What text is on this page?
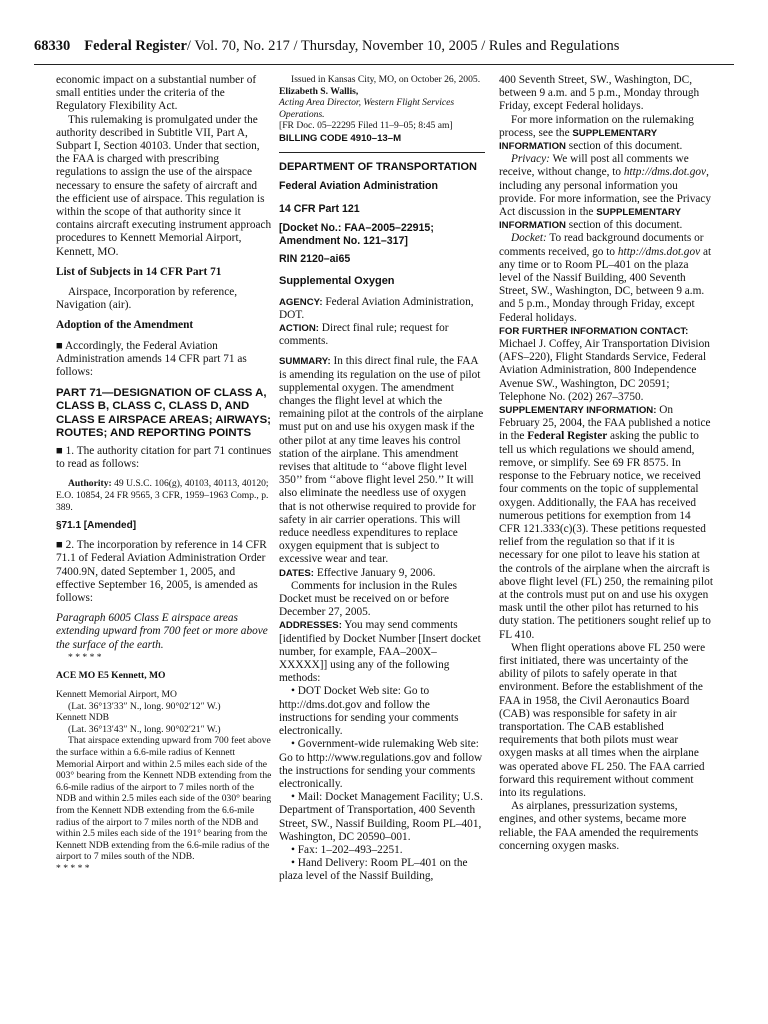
68330 Federal Register/ Vol. 70, No. 217 / Thursday, November 10, 2005 / Rules and Regulations

economic impact on a substantial number of small entities under the criteria of the Regulatory Flexibility Act.

This rulemaking is promulgated under the authority described in Subtitle VII, Part A, Subpart I, Section 40103. Under that section, the FAA is charged with prescribing regulations to assign the use of the airspace necessary to ensure the safety of aircraft and the efficient use of airspace. This regulation is within the scope of that authority since it contains aircraft executing instrument approach procedures to Kennett Memorial Airport, Kennett, MO.

List of Subjects in 14 CFR Part 71

Airspace, Incorporation by reference, Navigation (air).

Adoption of the Amendment

■ Accordingly, the Federal Aviation Administration amends 14 CFR part 71 as follows:

PART 71—DESIGNATION OF CLASS A, CLASS B, CLASS C, CLASS D, AND CLASS E AIRSPACE AREAS; AIRWAYS; ROUTES; AND REPORTING POINTS

■ 1. The authority citation for part 71 continues to read as follows:

Authority: 49 U.S.C. 106(g), 40103, 40113, 40120; E.O. 10854, 24 FR 9565, 3 CFR, 1959–1963 Comp., p. 389.

§71.1 [Amended]

■ 2. The incorporation by reference in 14 CFR 71.1 of Federal Aviation Administration Order 7400.9N, dated September 1, 2005, and effective September 16, 2005, is amended as follows:

Paragraph 6005 Class E airspace areas extending upward from 700 feet or more above the surface of the earth.

* * * * *

ACE MO E5 Kennett, MO

Kennett Memorial Airport, MO

(Lat. 36°13′33″ N., long. 90°02′12″ W.)

Kennett NDB

(Lat. 36°13′43″ N., long. 90°02′21″ W.)

That airspace extending upward from 700 feet above the surface within a 6.6-mile radius of Kennett Memorial Airport and within 2.5 miles each side of the 003° bearing from the Kennett NDB extending from the 6.6-mile radius of the airport to 7 miles north of the NDB and within 2.5 miles each side of the 030° bearing from the Kennett NDB extending from the 6.6-mile radius of the airport to 7 miles north of the NDB and within 2.5 miles each side of the 191° bearing from the Kennett NDB extending from the 6.6-mile radius of the airport to 7 miles south of the NDB.

* * * * *

Issued in Kansas City, MO, on October 26, 2005.

Elizabeth S. Wallis,

Acting Area Director, Western Flight Services Operations.

[FR Doc. 05–22295 Filed 11–9–05; 8:45 am]

BILLING CODE 4910–13–M

DEPARTMENT OF TRANSPORTATION

Federal Aviation Administration

14 CFR Part 121

[Docket No.: FAA–2005–22915; Amendment No. 121–317]

RIN 2120–ai65

Supplemental Oxygen

AGENCY: Federal Aviation Administration, DOT.

ACTION: Direct final rule; request for comments.

SUMMARY: In this direct final rule, the FAA is amending its regulation on the use of pilot supplemental oxygen. The amendment changes the flight level at which the remaining pilot at the controls of the airplane must put on and use his oxygen mask if the other pilot at any time leaves his control station of the airplane. This amendment revises that altitude to ‘‘above flight level 350’’ from ‘‘above flight level 250.’’ It will also eliminate the needless use of oxygen that is not otherwise required to provide for safety in air carrier operations. This will reduce needless expenditures to replace oxygen equipment that is subject to excessive wear and tear.

DATES: Effective January 9, 2006.

Comments for inclusion in the Rules Docket must be received on or before December 27, 2005.

ADDRESSES: You may send comments [identified by Docket Number [Insert docket number, for example, FAA–200X–XXXXX]] using any of the following methods:

• DOT Docket Web site: Go to http://dms.dot.gov and follow the instructions for sending your comments electronically.

• Government-wide rulemaking Web site: Go to http://www.regulations.gov and follow the instructions for sending your comments electronically.

• Mail: Docket Management Facility; U.S. Department of Transportation, 400 Seventh Street, SW., Nassif Building, Room PL–401, Washington, DC 20590–001.

• Fax: 1–202–493–2251.

• Hand Delivery: Room PL–401 on the plaza level of the Nassif Building,

400 Seventh Street, SW., Washington, DC, between 9 a.m. and 5 p.m., Monday through Friday, except Federal holidays.

For more information on the rulemaking process, see the SUPPLEMENTARY INFORMATION section of this document.

Privacy: We will post all comments we receive, without change, to http://dms.dot.gov, including any personal information you provide. For more information, see the Privacy Act discussion in the SUPPLEMENTARY INFORMATION section of this document.

Docket: To read background documents or comments received, go to http://dms.dot.gov at any time or to Room PL–401 on the plaza level of the Nassif Building, 400 Seventh Street, SW., Washington, DC, between 9 a.m. and 5 p.m., Monday through Friday, except Federal holidays.

FOR FURTHER INFORMATION CONTACT:

Michael J. Coffey, Air Transportation Division (AFS–220), Flight Standards Service, Federal Aviation Administration, 800 Independence Avenue SW., Washington, DC 20591; Telephone No. (202) 267–3750.

SUPPLEMENTARY INFORMATION: On February 25, 2004, the FAA published a notice in the Federal Register asking the public to tell us which regulations we should amend, remove, or simplify. See 69 FR 8575. In response to the February notice, we received four comments on the topic of supplemental oxygen. Additionally, the FAA has received numerous petitions for exemption from 14 CFR 121.333(c)(3). These petitions requested relief from the regulation so that if it is necessary for one pilot to leave his station at the controls of the airplane when the aircraft is above flight level (FL) 250, the remaining pilot at the controls must put on and use his oxygen mask until the other pilot has returned to his duty station. The petitioners sought relief up to FL 410.

When flight operations above FL 250 were first initiated, there was uncertainty of the ability of pilots to safely operate in that environment. Before the establishment of the FAA in 1958, the Civil Aeronautics Board (CAB) was responsible for safety in air transportation. The CAB established requirements that both pilots must wear oxygen masks at all times when the airplane was operated above FL 250. The FAA carried forward this requirement without comment into its regulations.

As airplanes, pressurization systems, engines, and other systems, became more reliable, the FAA amended the requirements concerning oxygen masks.
